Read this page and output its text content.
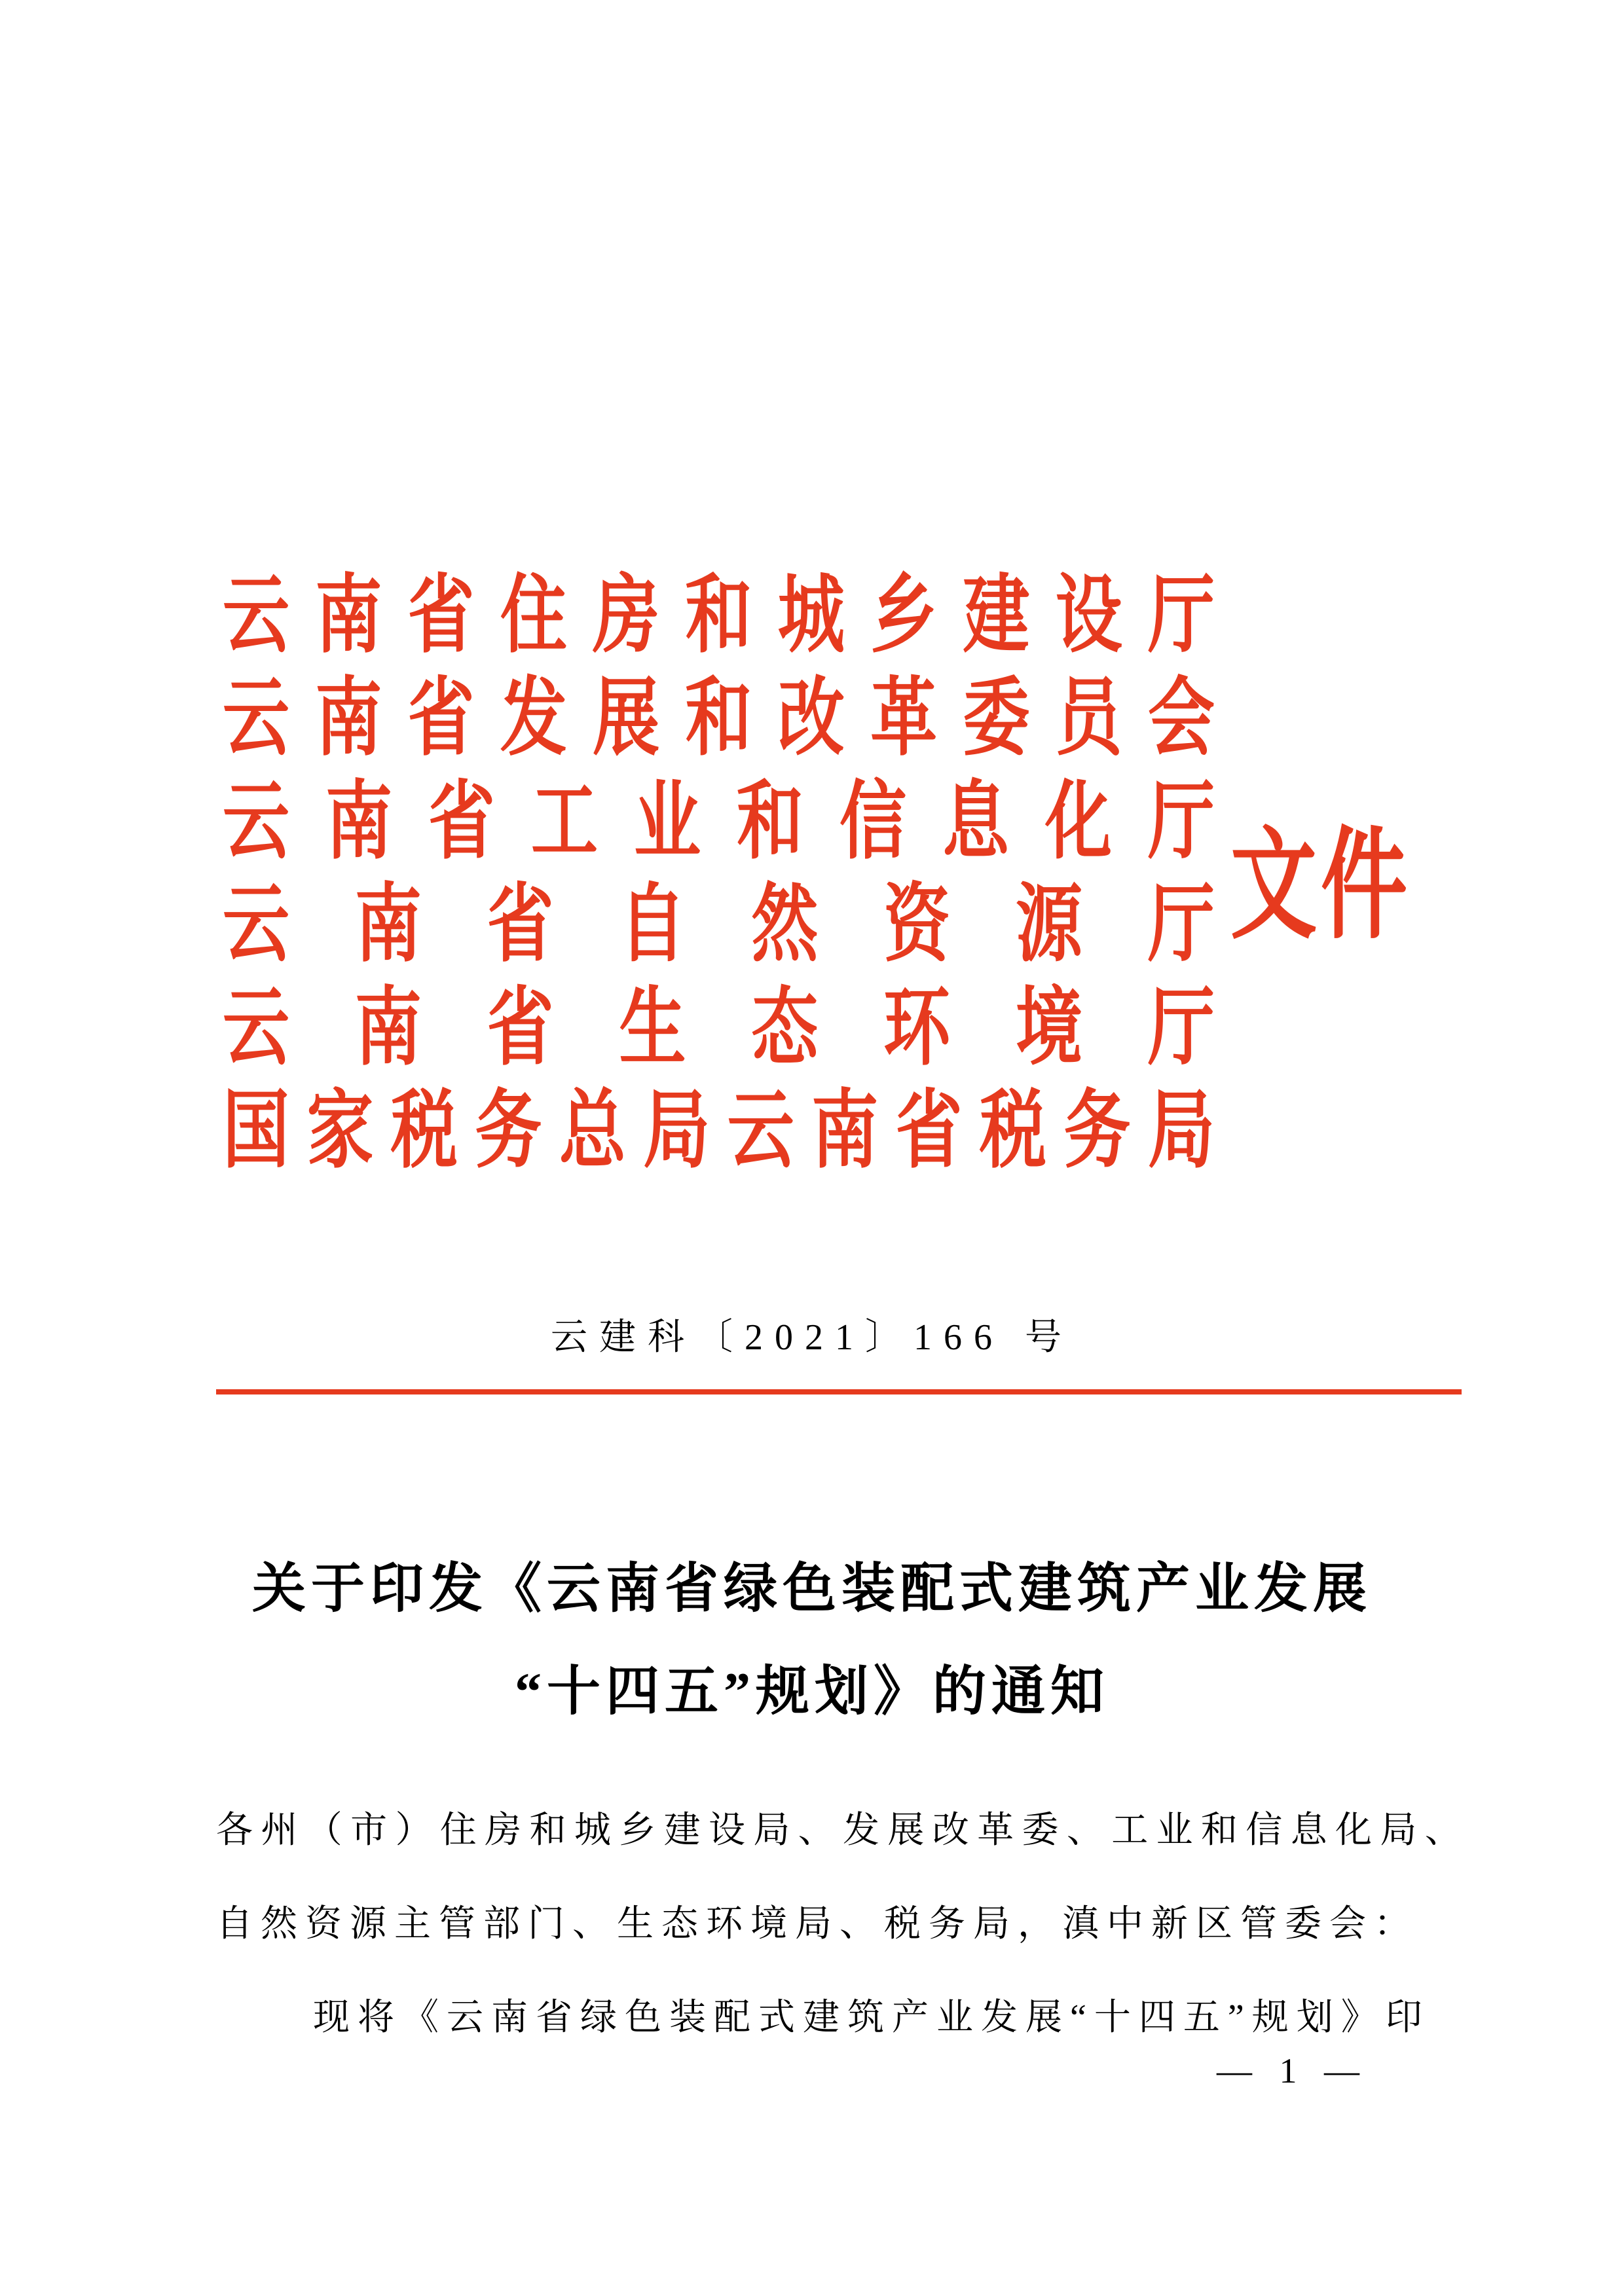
云 南 省 住 房 和 城 乡 建 设 厅
云 南 省 发 展 和 改 革 委 员 会
云 南 省 工 业 和 信 息 化 厅
云 南 省 自 然 资 源 厅
云 南 省 生 态 环 境 厅
国 家 税 务 总 局 云 南 省 税 务 局
文件
云建科〔2021〕166 号
关于印发《云南省绿色装配式建筑产业发展
“十四五”规划》的通知
各 州 （ 市 ） 住 房 和 城 乡 建 设 局 、 发 展 改 革 委 、 工 业 和 信 息 化 局 、
自然资源主管部门、生态环境局、税务局，滇中新区管委会：
现将《云南省绿色装配式建筑产业发展“十四五”规划》印
— 1 —
